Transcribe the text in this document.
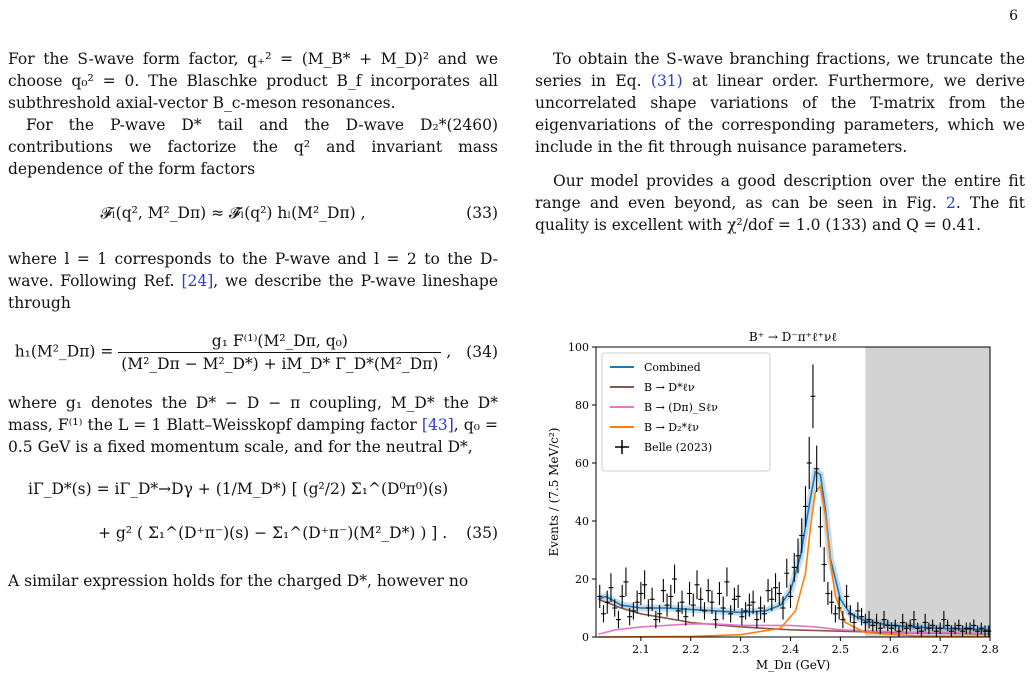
6

For the S-wave form factor, q₊² = (M_B* + M_D)² and we choose q₀² = 0. The Blaschke product B_f incorporates all subthreshold axial-vector B_c-meson resonances.

For the P-wave D* tail and the D-wave D₂*(2460) contributions we factorize the q² and invariant mass dependence of the form factors

𝓕ₗ(q², M²_Dπ) ≈ 𝓕̂ₗ(q²) hₗ(M²_Dπ) ,	(33)

where l = 1 corresponds to the P-wave and l = 2 to the D-wave. Following Ref. [24], we describe the P-wave lineshape through

h₁(M²_Dπ) = $\frac{\text{g₁ F⁽¹⁾(M²\_Dπ, q₀)}}{\text{(M²\_Dπ − M²\_D*) + iM\_D* Γ\_D*(M²\_Dπ)}}$ , (34)

where g₁ denotes the D* − D − π coupling, M_D* the D* mass, F⁽¹⁾ the L = 1 Blatt–Weisskopf damping factor [43], q₀ = 0.5 GeV is a fixed momentum scale, and for the neutral D*,

iΓ_D*(s) = iΓ_D*→Dγ + (1/M_D*) [ (g²/2) Σ₁^(D⁰π⁰)(s)
+ g² ( Σ₁^(D⁺π⁻)(s) − Σ₁^(D⁺π⁻)(M²_D*) ) ] .	(35)

A similar expression holds for the charged D*, however no

To obtain the S-wave branching fractions, we truncate the series in Eq. (31) at linear order. Furthermore, we derive uncorrelated shape variations of the T-matrix from the eigenvariations of the corresponding parameters, which we include in the fit through nuisance parameters.

Our model provides a good description over the entire fit range and even beyond, as can be seen in Fig. 2. The fit quality is excellent with χ²/dof = 1.0 (133) and Q = 0.41.

2.1	2.2	2.3	2.4	2.5	2.6	2.7	2.8
0
20
40
60
80
100
B⁺ → D⁻π⁺ℓ⁺νℓ
M_Dπ (GeV)
Events / (7.5 MeV/c²)
Combined
B → D*ℓν
B → (Dπ)_Sℓν
B → D₂*ℓν
Belle (2023)
